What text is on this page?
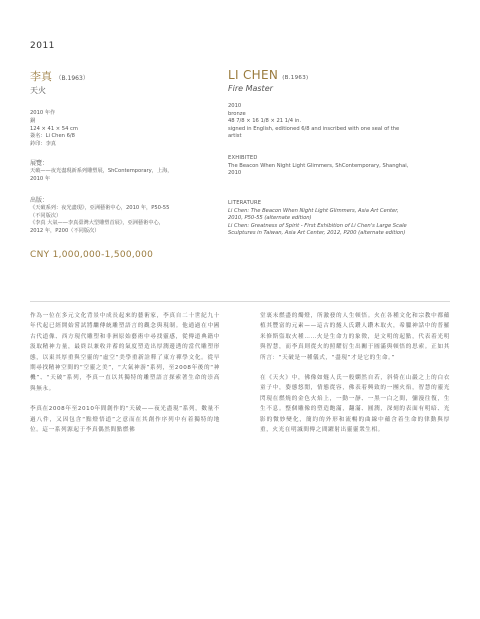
2011
李真 （B.1963）
天火
2010 年作
銅
124 × 41 × 54 cm
簽名：Li Chen 6/8
鈐印：李真
展覽：
天破——夜光盡現新系列雕塑展，ShContemporary，上海，
2010 年
出版：
《天破系列：夜光盡現》，亞洲藝術中心，2010 年，P50-55
（不同版次）
《李真 大氣——李真臺灣大型雕塑首展》，亞洲藝術中心，
2012 年，P200（不同版次）
CNY 1,000,000-1,500,000
LI CHEN (B.1963)
Fire Master
2010
bronze
48 7/8 × 16 1/8 × 21 1/4 in.
signed in English, editioned 6/8 and inscribed with one seal of the
artist
EXHIBITED
The Beacon When Night Light Glimmers, ShContemporary, Shanghai,
2010
LITERATURE
Li Chen: The Beacon When Night Light Glimmers, Asia Art Center,
2010, P50-55 (alternate edition)
Li Chen: Greatness of Spirit - First Exhibition of Li Chen's Large Scale
Sculptures in Taiwan, Asia Art Center, 2012, P200 (alternate edition)

作為一位在多元文化背景中成長起來的藝術家，李真自二十世紀九十年代起已經開始嘗試將繼傳統雕塑語言的觀念與現制。他通過在中國古代道像、西方現代雕塑和非洲原始藝術中尋找靈感，從傳道典籍中汲取精神力量，最終以兼收并蓄的氣度塑造出厚潤邊透的當代雕塑形態，以東其厚重與空靈的“虛空”美學重新詮釋了東方禪學文化。從早期尋找精神空間的“空靈之美”，“大氣神游”系列，至2008年後的“神機”、“天破”系列，李真一直以其獨特的雕塑語言探索著生命的崇高與無永。

李真在2008年至2010年間創作的“天破——夜光盡現”系列，數量不過八件，又因包含“點燈悟道”之意而在其創作序列中有着獨特的地位。這一系列源起于李真偶然間點燃佛

堂裏未燃盡的燭燈，所激發的人生頓悟。火在各種文化和宗教中都蘊植其豐富的元素——這古的燧人氏鑽人鑽木取火，希臘神話中的普羅米修斯盜取火種……火是生命力的象徵，是文明的起點，代表着光明與智慧，而李真則從火的照耀衍生出關于圓滿與頓悟的思索。正如其所言：“天破是一種儀式，“盡現”才是它的生命。”

在《天火》中，佛像如燧人氏一般嫻然自若，斜倚在山巖之上的白衣童子中，姿態悠閒，情態從容，佛表着興致的一團火焰，智慧的靈光閃現在燃燒的金色火焰上，一動一靜、一黑一白之間，彌漫往復，生生不息。整個雕像的塑造飽滿，翻滿、圓潤，深刻的表面有明暗、光影的微妙變化，簡約的外形和流暢的曲線中蘊含着生命的律動與厚重，火光在明滅間傳之間躍射出靈靈衆生相。
